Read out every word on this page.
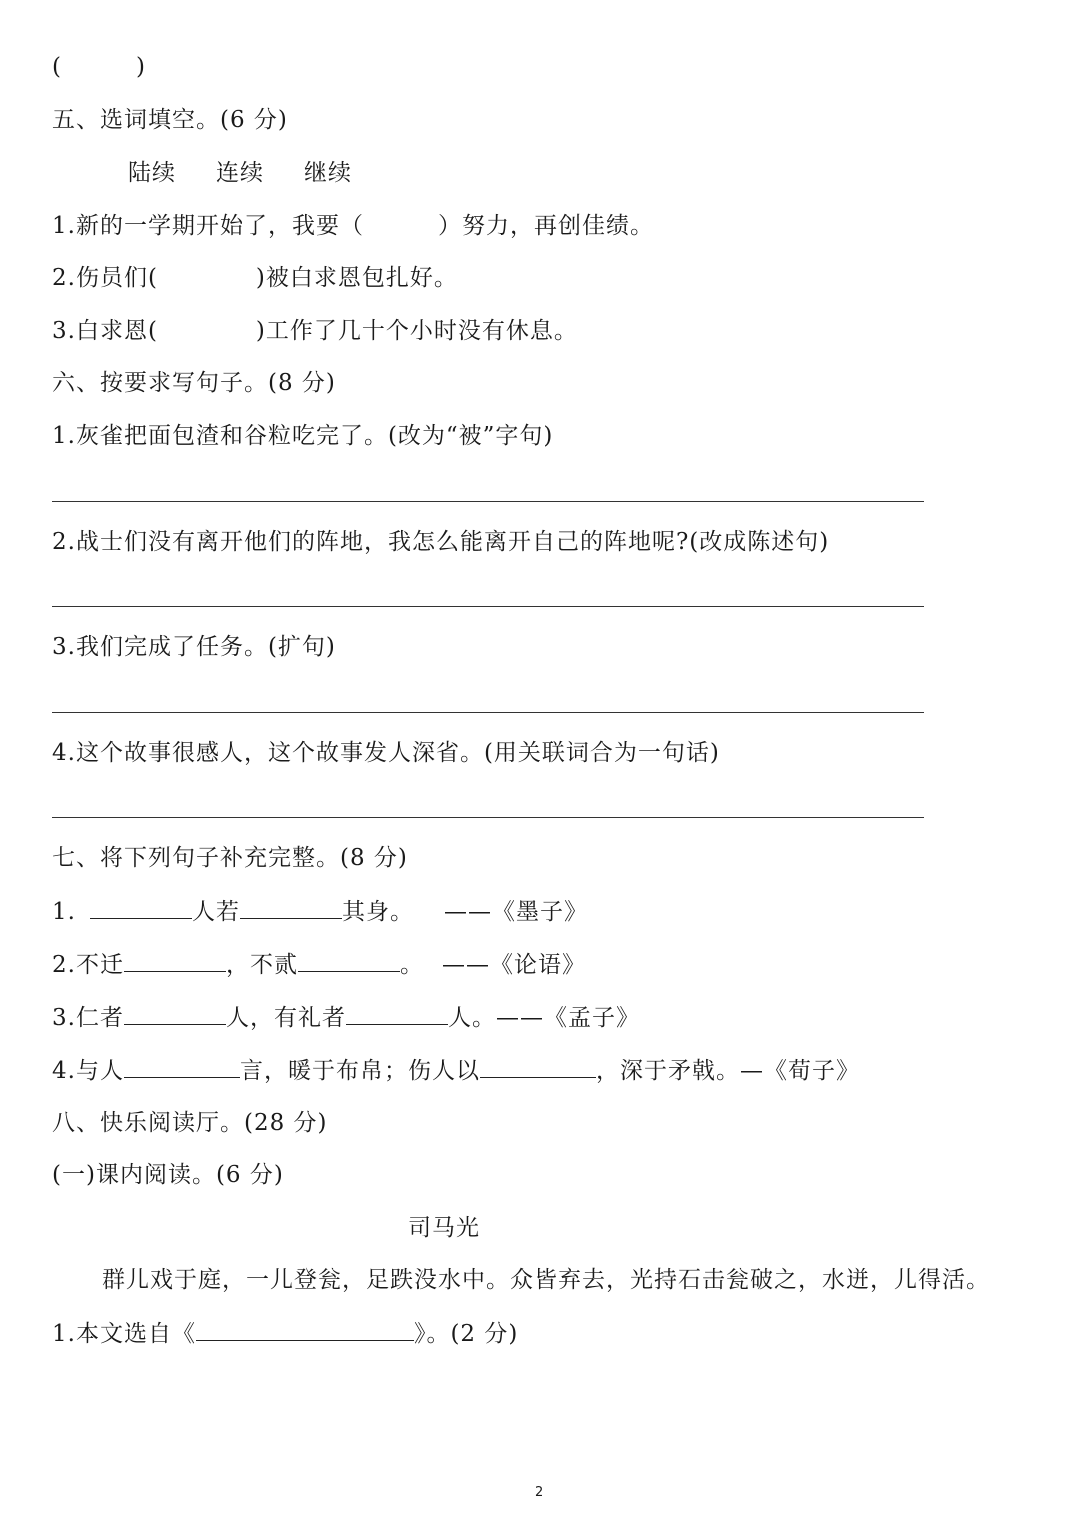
(	)
五、选词填空。(6 分)
陆续 连续 继续
1.新的一学期开始了，我要（	）努力，再创佳绩。
2.伤员们(	)被白求恩包扎好。
3.白求恩(	)工作了几十个小时没有休息。
六、按要求写句子。(8 分)
1.灰雀把面包渣和谷粒吃完了。(改为“被”字句)
2.战士们没有离开他们的阵地，我怎么能离开自己的阵地呢?(改成陈述句)
3.我们完成了任务。(扩句)
4.这个故事很感人，这个故事发人深省。(用关联词合为一句话)
七、将下列句子补充完整。(8 分)
1.	人若	其身。 ——《墨子》
2.不迁	，不贰	。 ——《论语》
3.仁者	人，有礼者	人。——《孟子》
4.与人	言，暖于布帛；伤人以	，深于矛戟。—《荀子》
八、快乐阅读厅。(28 分)
(一)课内阅读。(6 分)
司马光
群儿戏于庭，一儿登瓮，足跌没水中。众皆弃去，光持石击瓮破之，水迸，儿得活。
1.本文选自《	》。(2 分)
2
